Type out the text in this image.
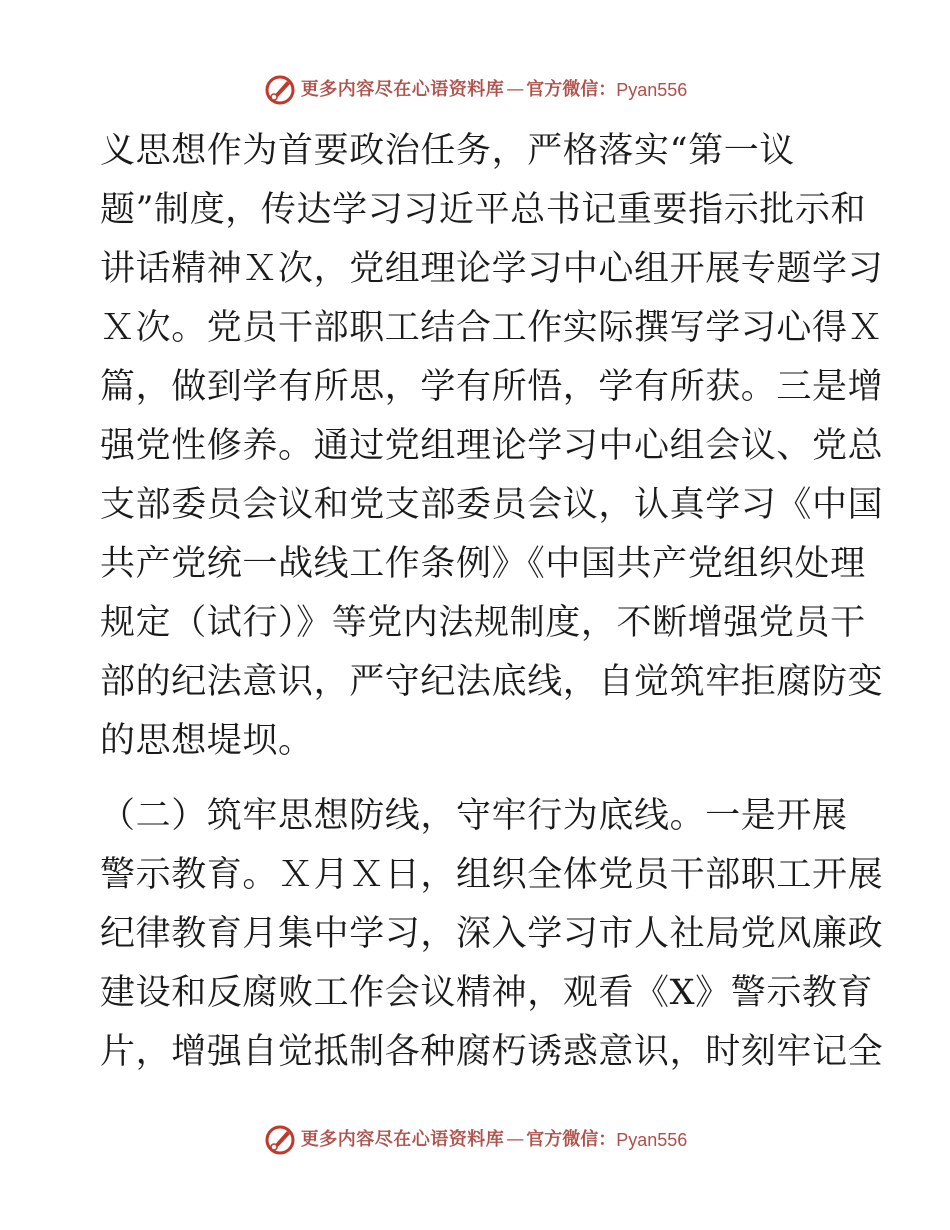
更多内容尽在心语资料库 — 官方微信： Pyan556
义思想作为首要政治任务，严格落实“第一议
题”制度，传达学习习近平总书记重要指示批示和
讲话精神Ｘ次，党组理论学习中心组开展专题学习
Ｘ次。党员干部职工结合工作实际撰写学习心得Ｘ
篇，做到学有所思，学有所悟，学有所获。三是增
强党性修养。通过党组理论学习中心组会议、党总
支部委员会议和党支部委员会议，认真学习《中国
共产党统一战线工作条例》《中国共产党组织处理
规定（试行）》等党内法规制度，不断增强党员干
部的纪法意识，严守纪法底线，自觉筑牢拒腐防变
的思想堤坝。
（二）筑牢思想防线，守牢行为底线。一是开展
警示教育。Ｘ月Ｘ日，组织全体党员干部职工开展
纪律教育月集中学习，深入学习市人社局党风廉政
建设和反腐败工作会议精神，观看《X》警示教育
片，增强自觉抵制各种腐朽诱惑意识，时刻牢记全
更多内容尽在心语资料库 — 官方微信： Pyan556
